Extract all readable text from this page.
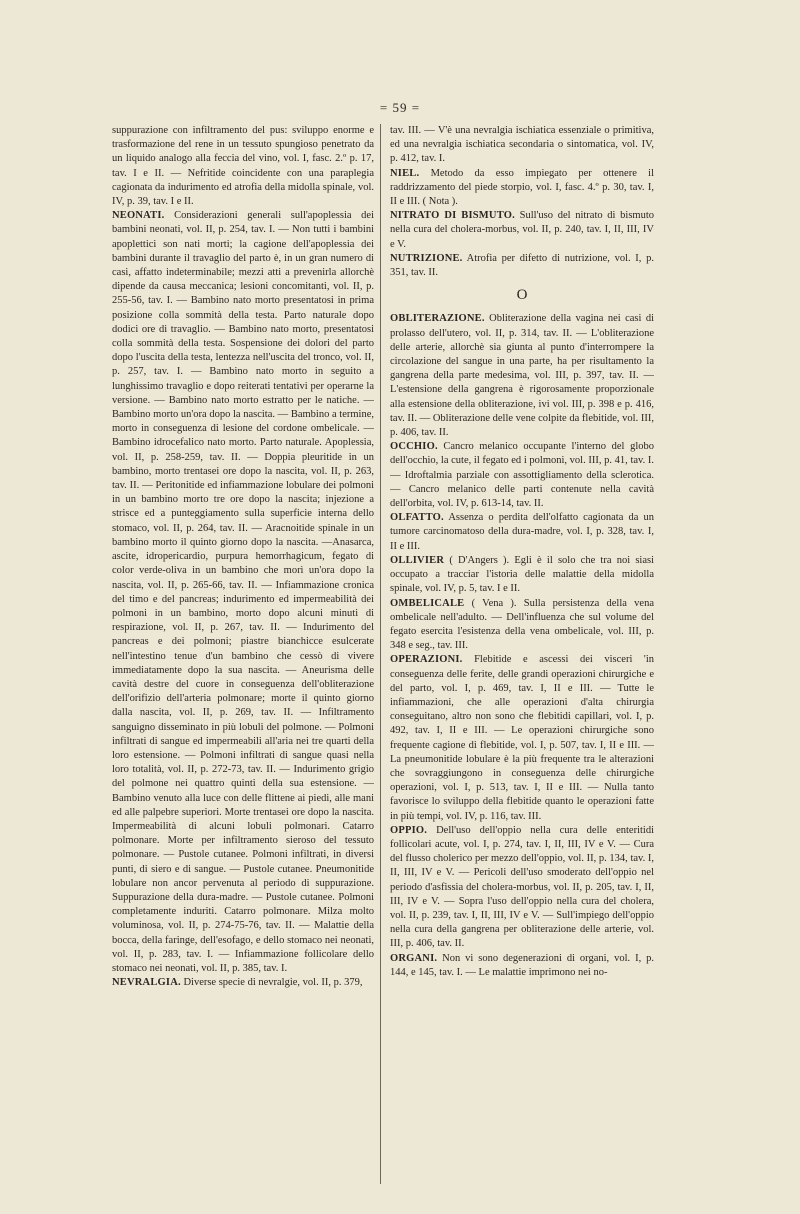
= 59 =

suppurazione con infiltramento del pus: sviluppo enorme e trasformazione del rene in un tessuto spungioso penetrato da un liquido analogo alla feccia del vino, vol. I, fasc. 2.º p. 17, tav. I e II. — Nefritide coincidente con una paraplegia cagionata da indurimento ed atrofia della midolla spinale, vol. IV, p. 39, tav. I e II.

NEONATI. Considerazioni generali sull'apoplessia dei bambini neonati, vol. II, p. 254, tav. I. — Non tutti i bambini apoplettici son nati morti; la cagione dell'apoplessia dei bambini durante il travaglio del parto è, in un gran numero di casi, affatto indeterminabile; mezzi atti a prevenirla allorchè dipende da causa meccanica; lesioni concomitanti, vol. II, p. 255-56, tav. I. — Bambino nato morto presentatosi in prima posizione colla sommità della testa. Parto naturale dopo dodici ore di travaglio. — Bambino nato morto, presentatosi colla sommità della testa. Sospensione dei dolori del parto dopo l'uscita della testa, lentezza nell'uscita del tronco, vol. II, p. 257, tav. I. — Bambino nato morto in seguito a lunghissimo travaglio e dopo reiterati tentativi per operarne la versione. — Bambino nato morto estratto per le natiche. — Bambino morto un'ora dopo la nascita. — Bambino a termine, morto in conseguenza di lesione del cordone ombelicale. — Bambino idrocefalico nato morto. Parto naturale. Apoplessia, vol. II, p. 258-259, tav. II. — Doppia pleuritide in un bambino, morto trentasei ore dopo la nascita, vol. II, p. 263, tav. II. — Peritonitide ed infiammazione lobulare dei polmoni in un bambino morto tre ore dopo la nascita; injezione a strisce ed a punteggiamento sulla superficie interna dello stomaco, vol. II, p. 264, tav. II. — Aracnoitide spinale in un bambino morto il quinto giorno dopo la nascita. —Anasarca, ascite, idropericardio, purpura hemorrhagicum, fegato di color verde-oliva in un bambino che morì un'ora dopo la nascita, vol. II, p. 265-66, tav. II. — Infiammazione cronica del timo e del pancreas; indurimento ed impermeabilità dei polmoni in un bambino, morto dopo alcuni minuti di respirazione, vol. II, p. 267, tav. II. — Indurimento del pancreas e dei polmoni; piastre bianchicce esulcerate nell'intestino tenue d'un bambino che cessò di vivere immediatamente dopo la sua nascita. — Aneurisma delle cavità destre del cuore in conseguenza dell'obliterazione dell'orifizio dell'arteria polmonare; morte il quinto giorno dalla nascita, vol. II, p. 269, tav. II. — Infiltramento sanguigno disseminato in più lobuli del polmone. — Polmoni infiltrati di sangue ed impermeabili all'aria nei tre quarti della loro estensione. — Polmoni infiltrati di sangue quasi nella loro totalità, vol. II, p. 272-73, tav. II. — Indurimento grigio del polmone nei quattro quinti della sua estensione. — Bambino venuto alla luce con delle flittene ai piedi, alle mani ed alle palpebre superiori. Morte trentasei ore dopo la nascita. Impermeabilità di alcuni lobuli polmonari. Catarro polmonare. Morte per infiltramento sieroso del tessuto polmonare. — Pustole cutanee. Polmoni infiltrati, in diversi punti, di siero e di sangue. — Pustole cutanee. Pneumonitide lobulare non ancor pervenuta al periodo di suppurazione. Suppurazione della dura-madre. — Pustole cutanee. Polmoni completamente induriti. Catarro polmonare. Milza molto voluminosa, vol. II, p. 274-75-76, tav. II. — Malattie della bocca, della faringe, dell'esofago, e dello stomaco nei neonati, vol. II, p. 283, tav. I. — Infiammazione follicolare dello stomaco nei neonati, vol. II, p. 385, tav. I.

NEVRALGIA. Diverse specie di nevralgie, vol. II, p. 379,

tav. III. — V'è una nevralgia ischiatica essenziale o primitiva, ed una nevralgia ischiatica secondaria o sintomatica, vol. IV, p. 412, tav. I.

NIEL. Metodo da esso impiegato per ottenere il raddrizzamento del piede storpio, vol. I, fasc. 4.º p. 30, tav. I, II e III. ( Nota ).

NITRATO DI BISMUTO. Sull'uso del nitrato di bismuto nella cura del cholera-morbus, vol. II, p. 240, tav. I, II, III, IV e V.

NUTRIZIONE. Atrofia per difetto di nutrizione, vol. I, p. 351, tav. II.

O

OBLITERAZIONE. Obliterazione della vagina nei casi di prolasso dell'utero, vol. II, p. 314, tav. II. — L'obliterazione delle arterie, allorchè sia giunta al punto d'interrompere la circolazione del sangue in una parte, ha per risultamento la gangrena della parte medesima, vol. III, p. 397, tav. II. — L'estensione della gangrena è rigorosamente proporzionale alla estensione della obliterazione, ivi vol. III, p. 398 e p. 416, tav. II. — Obliterazione delle vene colpite da flebitide, vol. III, p. 406, tav. II.

OCCHIO. Cancro melanico occupante l'interno del globo dell'occhio, la cute, il fegato ed i polmoni, vol. III, p. 41, tav. I. — Idroftalmia parziale con assottigliamento della sclerotica. — Cancro melanico delle parti contenute nella cavità dell'orbita, vol. IV, p. 613-14, tav. II.

OLFATTO. Assenza o perdita dell'olfatto cagionata da un tumore carcinomatoso della dura-madre, vol. I, p. 328, tav. I, II e III.

OLLIVIER ( D'Angers ). Egli è il solo che tra noi siasi occupato a tracciar l'istoria delle malattie della midolla spinale, vol. IV, p. 5, tav. I e II.

OMBELICALE ( Vena ). Sulla persistenza della vena ombelicale nell'adulto. — Dell'influenza che sul volume del fegato esercita l'esistenza della vena ombelicale, vol. III, p. 348 e seg., tav. III.

OPERAZIONI. Flebitide e ascessi dei visceri 'in conseguenza delle ferite, delle grandi operazioni chirurgiche e del parto, vol. I, p. 469, tav. I, II e III. — Tutte le infiammazioni, che alle operazioni d'alta chirurgia conseguitano, altro non sono che flebitidi capillari, vol. I, p. 492, tav. I, II e III. — Le operazioni chirurgiche sono frequente cagione di flebitide, vol. I, p. 507, tav. I, II e III. — La pneumonitide lobulare è la più frequente tra le alterazioni che sovraggiungono in conseguenza delle chirurgiche operazioni, vol. I, p. 513, tav. I, II e III. — Nulla tanto favorisce lo sviluppo della flebitide quanto le operazioni fatte in più tempi, vol. IV, p. 116, tav. III.

OPPIO. Dell'uso dell'oppio nella cura delle enteritidi follicolari acute, vol. I, p. 274, tav. I, II, III, IV e V. — Cura del flusso cholerico per mezzo dell'oppio, vol. II, p. 134, tav. I, II, III, IV e V. — Pericoli dell'uso smoderato dell'oppio nel periodo d'asfissia del cholera-morbus, vol. II, p. 205, tav. I, II, III, IV e V. — Sopra l'uso dell'oppio nella cura del cholera, vol. II, p. 239, tav. I, II, III, IV e V. — Sull'impiego dell'oppio nella cura della gangrena per obliterazione delle arterie, vol. III, p. 406, tav. II.

ORGANI. Non vi sono degenerazioni di organi, vol. I, p. 144, e 145, tav. I. — Le malattie imprimono nei no-
